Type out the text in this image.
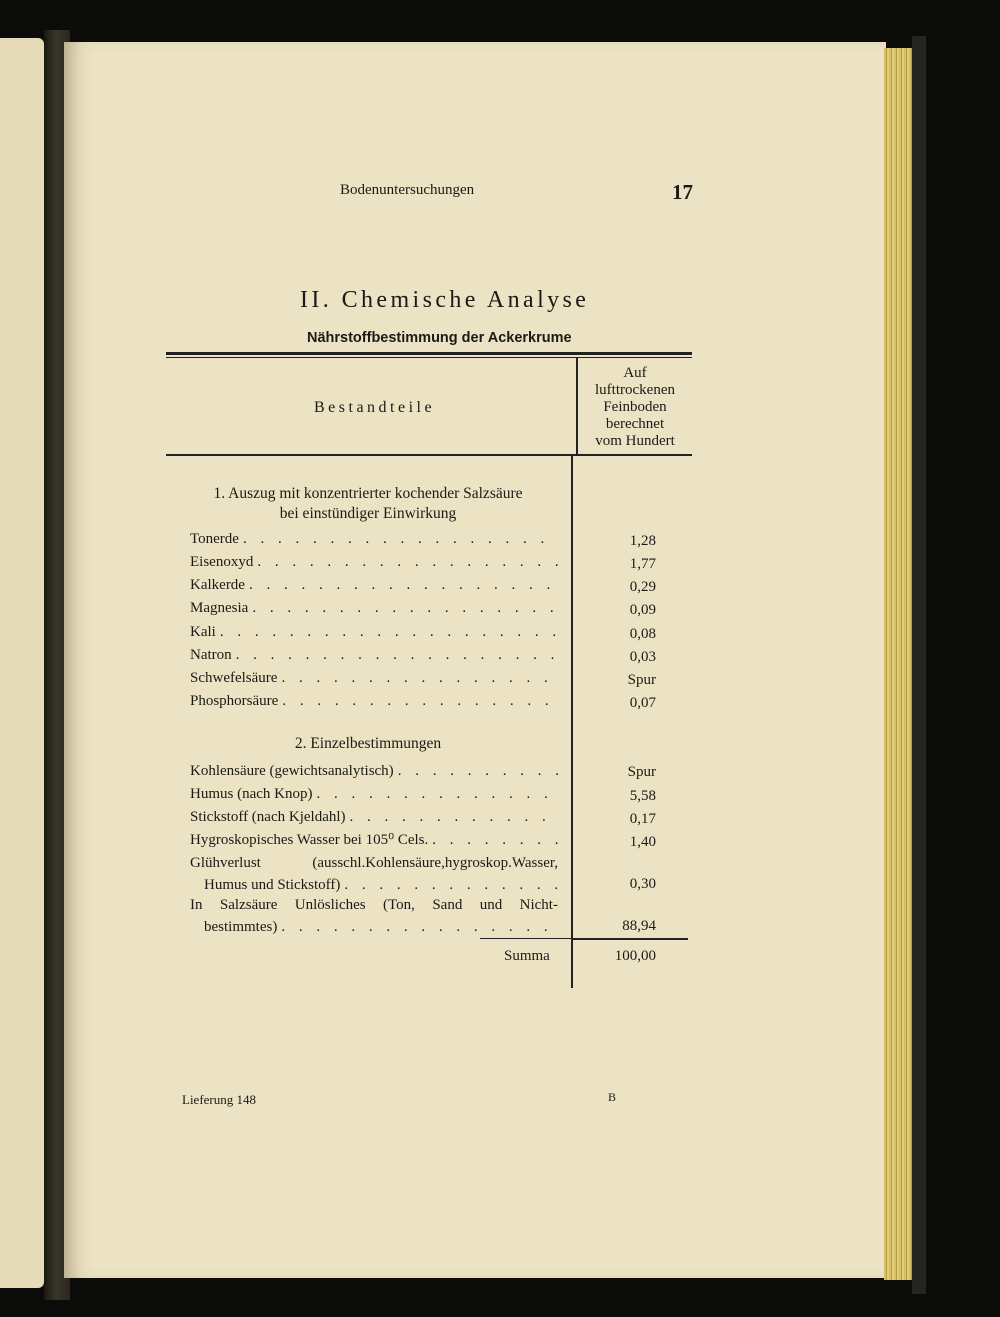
Bodenuntersuchungen	17
II. Chemische Analyse
Nährstoffbestimmung der Ackerkrume
Bestandteile
Auf
lufttrockenen
Feinboden
berechnet
vom Hundert
1. Auszug mit konzentrierter kochender Salzsäure
bei einstündiger Einwirkung
Tonerde . . .	1,28
Eisenoxyd . . .	1,77
Kalkerde . . .	0,29
Magnesia . . .	0,09
Kali . . .	0,08
Natron . . .	0,03
Schwefelsäure . . .	Spur
Phosphorsäure . . .	0,07
2. Einzelbestimmungen
Kohlensäure (gewichtsanalytisch) . . .	Spur
Humus (nach Knop) . . .	5,58
Stickstoff (nach Kjeldahl) . . .	0,17
Hygroskopisches Wasser bei 105⁰ Cels. . . .	1,40
Glühverlust	(ausschl.Kohlensäure,hygroskop.Wasser,
Humus und Stickstoff) . . .	0,30
In Salzsäure Unlösliches (Ton, Sand und Nicht-
bestimmtes) . . .	88,94
Summa	100,00
Lieferung 148	B
